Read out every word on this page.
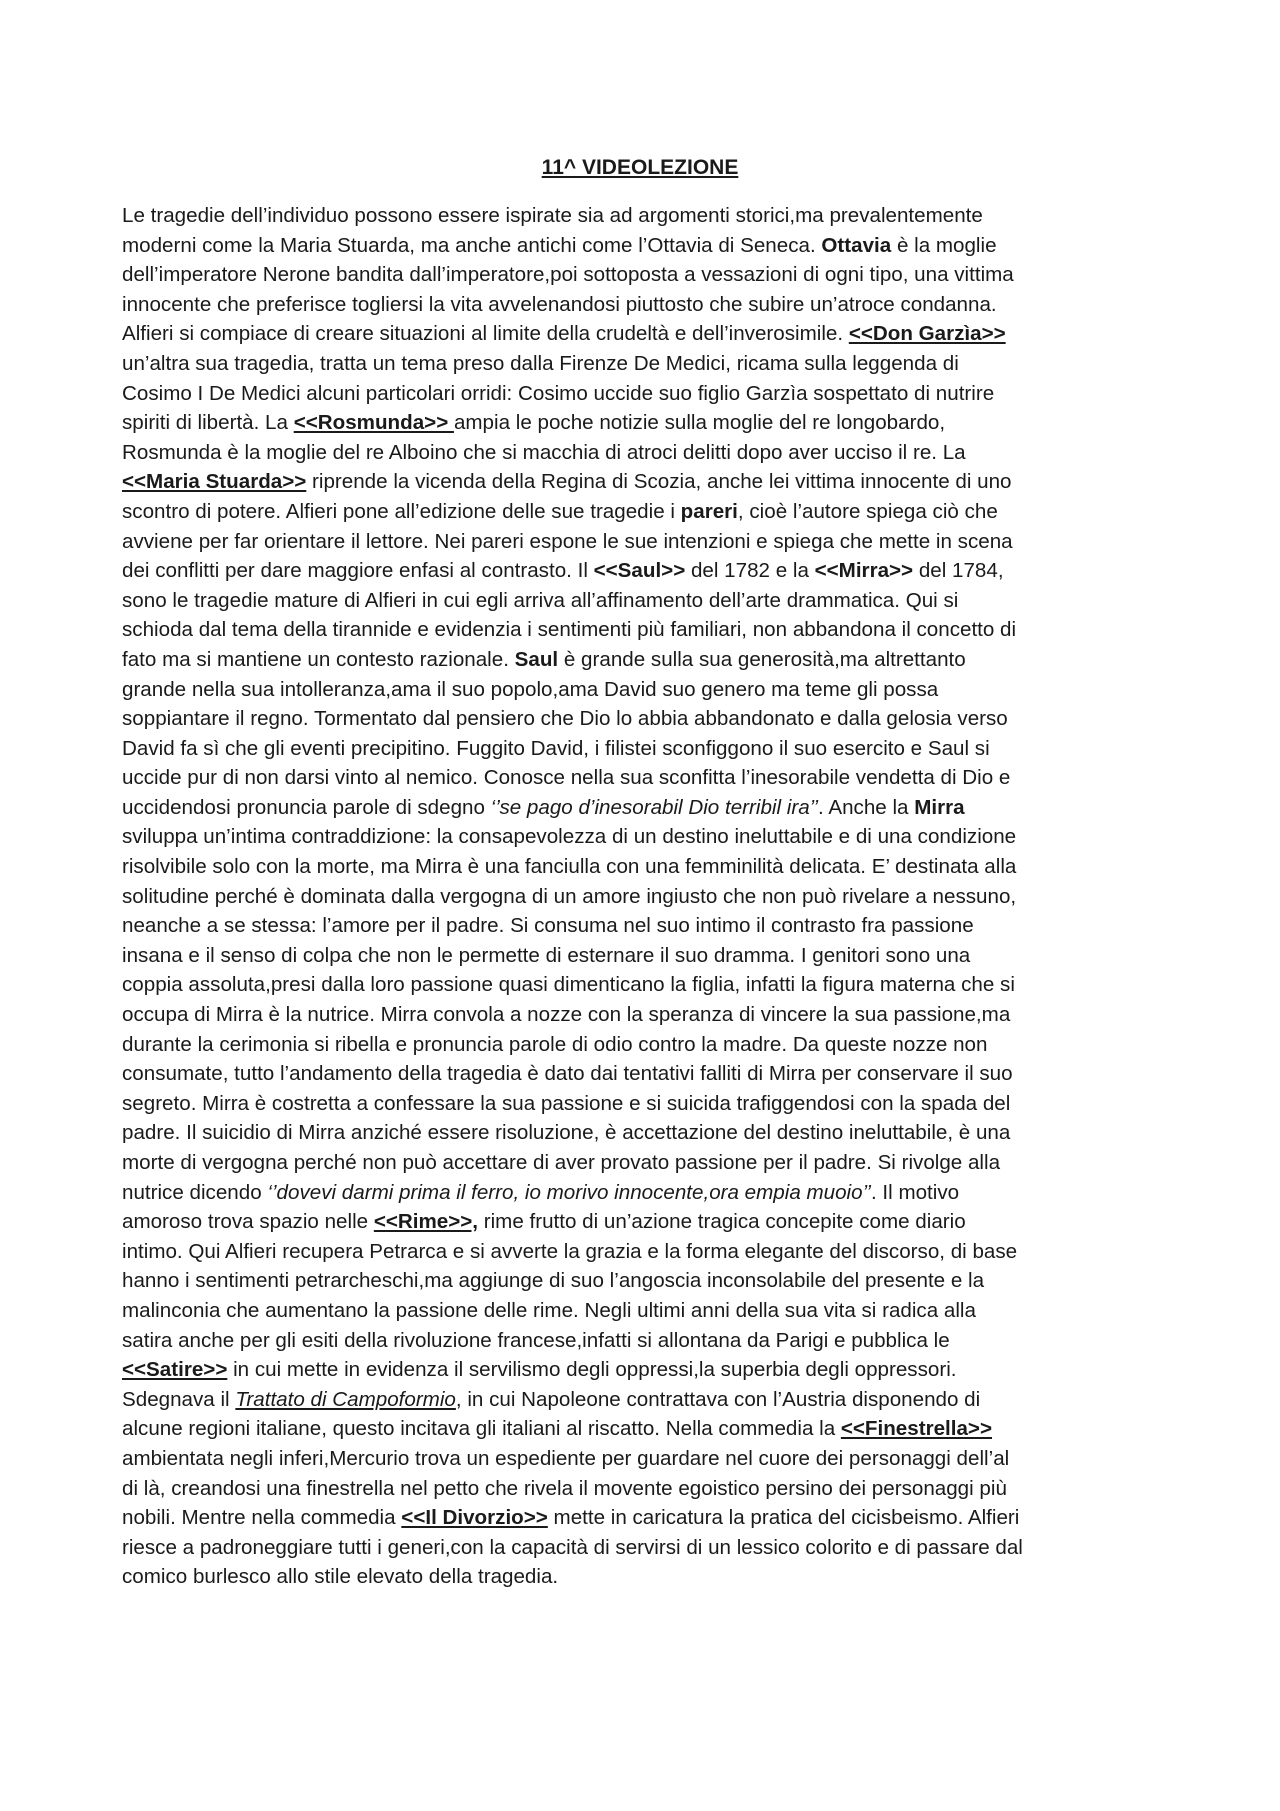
11^ VIDEOLEZIONE
Le tragedie dell’individuo possono essere ispirate sia ad argomenti storici,ma prevalentemente
moderni come la Maria Stuarda, ma anche antichi come l’Ottavia di Seneca. Ottavia è la moglie
dell’imperatore Nerone bandita dall’imperatore,poi sottoposta a vessazioni di ogni tipo, una vittima
innocente che preferisce togliersi la vita avvelenandosi piuttosto che subire un’atroce condanna.
Alfieri si compiace di creare situazioni al limite della crudeltà e dell’inverosimile. <<Don Garzìa>>
un’altra sua tragedia, tratta un tema preso dalla Firenze De Medici, ricama sulla leggenda di
Cosimo I De Medici alcuni particolari orridi: Cosimo uccide suo figlio Garzìa sospettato di nutrire
spiriti di libertà. La <<Rosmunda>> ampia le poche notizie sulla moglie del re longobardo,
Rosmunda è la moglie del re Alboino che si macchia di atroci delitti dopo aver ucciso il re. La
<<Maria Stuarda>> riprende la vicenda della Regina di Scozia, anche lei vittima innocente di uno
scontro di potere. Alfieri pone all’edizione delle sue tragedie i pareri, cioè l’autore spiega ciò che
avviene per far orientare il lettore. Nei pareri espone le sue intenzioni e spiega che mette in scena
dei conflitti per dare maggiore enfasi al contrasto. Il <<Saul>> del 1782 e la <<Mirra>> del 1784,
sono le tragedie mature di Alfieri in cui egli arriva all’affinamento dell’arte drammatica. Qui si
schioda dal tema della tirannide e evidenzia i sentimenti più familiari, non abbandona il concetto di
fato ma si mantiene un contesto razionale. Saul è grande sulla sua generosità,ma altrettanto
grande nella sua intolleranza,ama il suo popolo,ama David suo genero ma teme gli possa
soppiantare il regno. Tormentato dal pensiero che Dio lo abbia abbandonato e dalla gelosia verso
David fa sì che gli eventi precipitino. Fuggito David, i filistei sconfiggono il suo esercito e Saul si
uccide pur di non darsi vinto al nemico. Conosce nella sua sconfitta l’inesorabile vendetta di Dio e
uccidendosi pronuncia parole di sdegno ‘’se pago d’inesorabil Dio terribil ira’’. Anche la Mirra
sviluppa un’intima contraddizione: la consapevolezza di un destino ineluttabile e di una condizione
risolvibile solo con la morte, ma Mirra è una fanciulla con una femminilità delicata. E’ destinata alla
solitudine perché è dominata dalla vergogna di un amore ingiusto che non può rivelare a nessuno,
neanche a se stessa: l’amore per il padre. Si consuma nel suo intimo il contrasto fra passione
insana e il senso di colpa che non le permette di esternare il suo dramma. I genitori sono una
coppia assoluta,presi dalla loro passione quasi dimenticano la figlia, infatti la figura materna che si
occupa di Mirra è la nutrice. Mirra convola a nozze con la speranza di vincere la sua passione,ma
durante la cerimonia si ribella e pronuncia parole di odio contro la madre. Da queste nozze non
consumate, tutto l’andamento della tragedia è dato dai tentativi falliti di Mirra per conservare il suo
segreto. Mirra è costretta a confessare la sua passione e si suicida trafiggendosi con la spada del
padre. Il suicidio di Mirra anziché essere risoluzione, è accettazione del destino ineluttabile, è una
morte di vergogna perché non può accettare di aver provato passione per il padre. Si rivolge alla
nutrice dicendo ‘’dovevi darmi prima il ferro, io morivo innocente,ora empia muoio’’. Il motivo
amoroso trova spazio nelle <<Rime>>, rime frutto di un’azione tragica concepite come diario
intimo. Qui Alfieri recupera Petrarca e si avverte la grazia e la forma elegante del discorso, di base
hanno i sentimenti petrarcheschi,ma aggiunge di suo l’angoscia inconsolabile del presente e la
malinconia che aumentano la passione delle rime. Negli ultimi anni della sua vita si radica alla
satira anche per gli esiti della rivoluzione francese,infatti si allontana da Parigi e pubblica le
<<Satire>> in cui mette in evidenza il servilismo degli oppressi,la superbia degli oppressori.
Sdegnava il Trattato di Campoformio, in cui Napoleone contrattava con l’Austria disponendo di
alcune regioni italiane, questo incitava gli italiani al riscatto. Nella commedia la <<Finestrella>>
ambientata negli inferi,Mercurio trova un espediente per guardare nel cuore dei personaggi dell’al
di là, creandosi una finestrella nel petto che rivela il movente egoistico persino dei personaggi più
nobili. Mentre nella commedia <<Il Divorzio>> mette in caricatura la pratica del cicisbeismo. Alfieri
riesce a padroneggiare tutti i generi,con la capacità di servirsi di un lessico colorito e di passare dal
comico burlesco allo stile elevato della tragedia.
